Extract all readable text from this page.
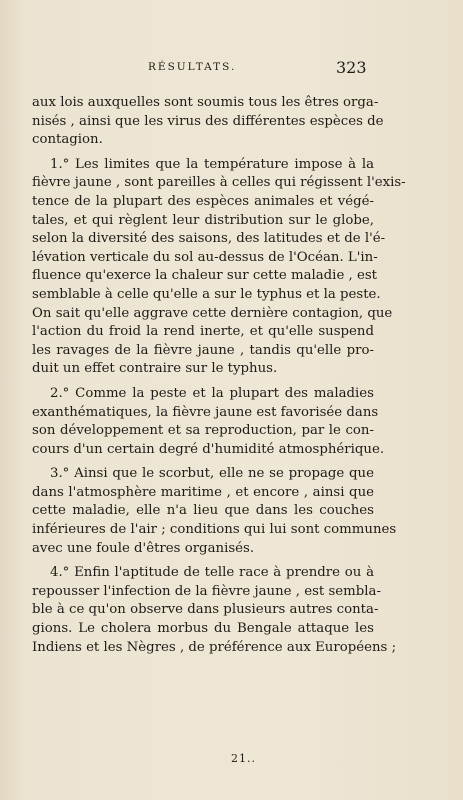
RÉSULTATS.	323
aux lois auxquelles sont soumis tous les êtres orga-
nisés , ainsi que les virus des différentes espèces de
contagion.
1.° Les limites que la température impose à la
fièvre jaune , sont pareilles à celles qui régissent l'exis-
tence de la plupart des espèces animales et végé-
tales, et qui règlent leur distribution sur le globe,
selon la diversité des saisons, des latitudes et de l'é-
lévation verticale du sol au-dessus de l'Océan. L'in-
fluence qu'exerce la chaleur sur cette maladie , est
semblable à celle qu'elle a sur le typhus et la peste.
On sait qu'elle aggrave cette dernière contagion, que
l'action du froid la rend inerte, et qu'elle suspend
les ravages de la fièvre jaune , tandis qu'elle pro-
duit un effet contraire sur le typhus.
2.° Comme la peste et la plupart des maladies
exanthématiques, la fièvre jaune est favorisée dans
son développement et sa reproduction, par le con-
cours d'un certain degré d'humidité atmosphérique.
3.° Ainsi que le scorbut, elle ne se propage que
dans l'atmosphère maritime , et encore , ainsi que
cette maladie, elle n'a lieu que dans les couches
inférieures de l'air ; conditions qui lui sont communes
avec une foule d'êtres organisés.
4.° Enfin l'aptitude de telle race à prendre ou à
repousser l'infection de la fièvre jaune , est sembla-
ble à ce qu'on observe dans plusieurs autres conta-
gions. Le cholera morbus du Bengale attaque les
Indiens et les Nègres , de préférence aux Européens ;
21..
